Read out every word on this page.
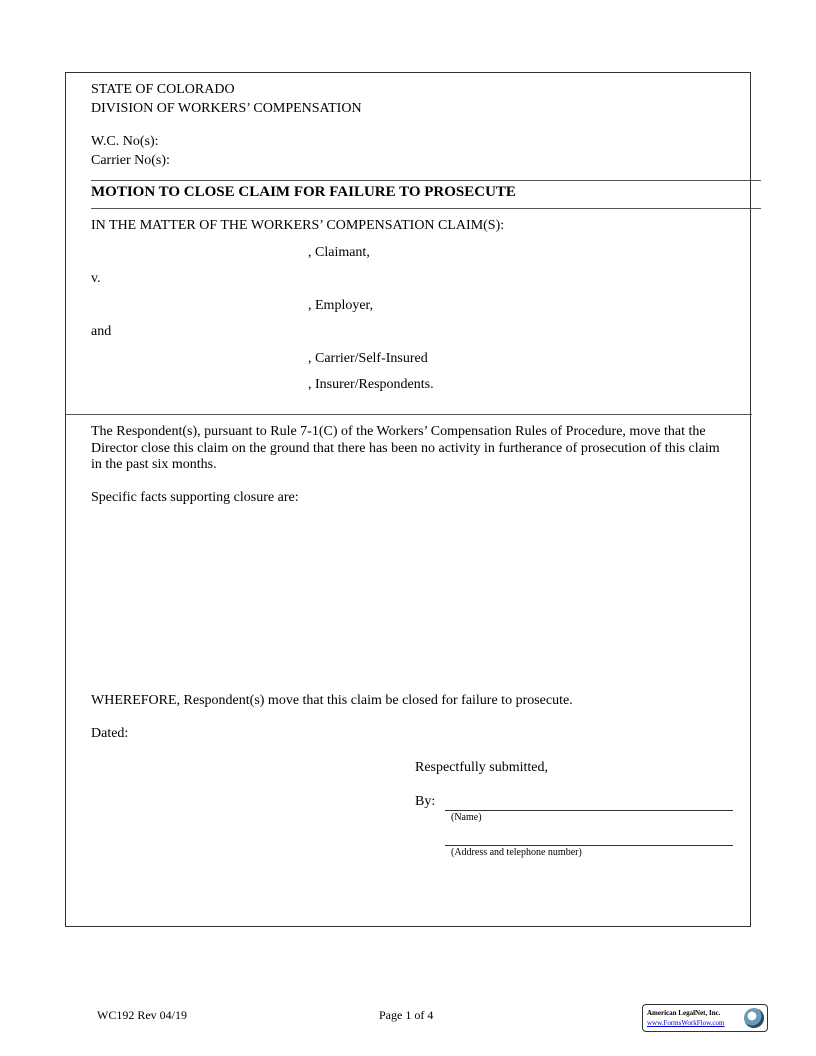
STATE OF COLORADO
DIVISION OF WORKERS’ COMPENSATION
W.C. No(s):
Carrier No(s):
MOTION TO CLOSE CLAIM FOR FAILURE TO PROSECUTE
IN THE MATTER OF THE WORKERS’ COMPENSATION CLAIM(S):
, Claimant,
v.
, Employer,
and
, Carrier/Self-Insured
, Insurer/Respondents.
The Respondent(s), pursuant to Rule 7-1(C) of the Workers’ Compensation Rules of Procedure, move that the Director close this claim on the ground that there has been no activity in furtherance of prosecution of this claim in the past six months.
Specific facts supporting closure are:
WHEREFORE, Respondent(s) move that this claim be closed for failure to prosecute.
Dated:
Respectfully submitted,
By:
(Name)
(Address and telephone number)
WC192 Rev 04/19	Page 1 of 4	American LegalNet, Inc.
www.FormsWorkFlow.com
